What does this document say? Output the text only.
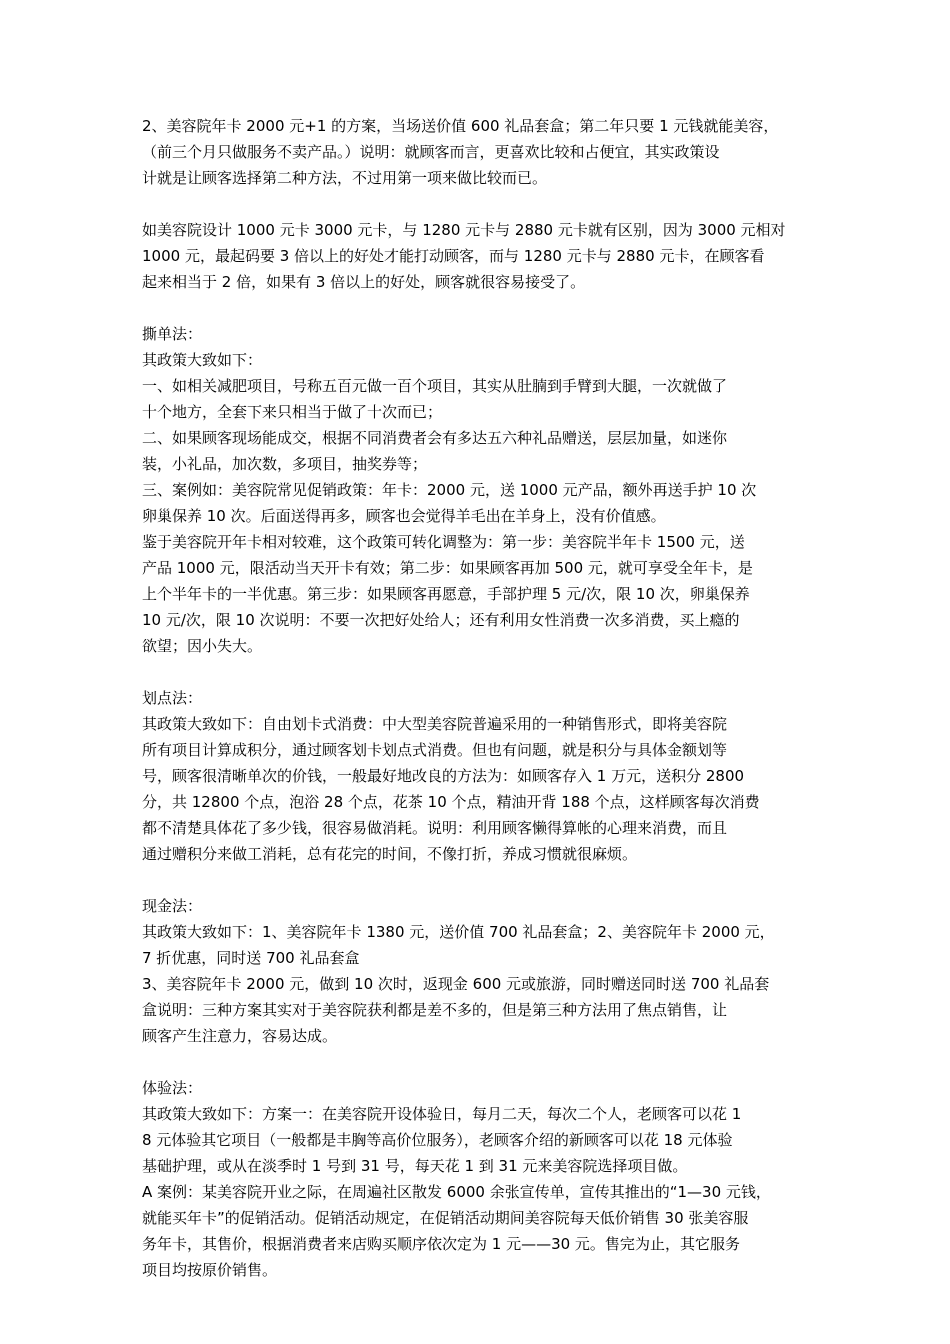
2、美容院年卡 2000 元+1 的方案，当场送价值 600 礼品套盒；第二年只要 1 元钱就能美容，
（前三个月只做服务不卖产品。）说明：就顾客而言，更喜欢比较和占便宜，其实政策设
计就是让顾客选择第二种方法，不过用第一项来做比较而已。
如美容院设计 1000 元卡 3000 元卡，与 1280 元卡与 2880 元卡就有区别，因为 3000 元相对
1000 元，最起码要 3 倍以上的好处才能打动顾客，而与 1280 元卡与 2880 元卡，在顾客看
起来相当于 2 倍，如果有 3 倍以上的好处，顾客就很容易接受了。
撕单法：
其政策大致如下：
一、如相关减肥项目，号称五百元做一百个项目，其实从肚腩到手臂到大腿，一次就做了
十个地方，全套下来只相当于做了十次而已；
二、如果顾客现场能成交，根据不同消费者会有多达五六种礼品赠送，层层加量，如迷你
装，小礼品，加次数，多项目，抽奖券等；
三、案例如：美容院常见促销政策：年卡：2000 元，送 1000 元产品，额外再送手护 10 次
卵巢保养 10 次。后面送得再多，顾客也会觉得羊毛出在羊身上，没有价值感。
鉴于美容院开年卡相对较难，这个政策可转化调整为：第一步：美容院半年卡 1500 元，送
产品 1000 元，限活动当天开卡有效；第二步：如果顾客再加 500 元，就可享受全年卡，是
上个半年卡的一半优惠。第三步：如果顾客再愿意，手部护理 5 元/次，限 10 次，卵巢保养
10 元/次，限 10 次说明：不要一次把好处给人；还有利用女性消费一次多消费，买上瘾的
欲望；因小失大。
划点法：
其政策大致如下：自由划卡式消费：中大型美容院普遍采用的一种销售形式，即将美容院
所有项目计算成积分，通过顾客划卡划点式消费。但也有问题，就是积分与具体金额划等
号，顾客很清晰单次的价钱，一般最好地改良的方法为：如顾客存入 1 万元，送积分 2800
分，共 12800 个点，泡浴 28 个点，花茶 10 个点，精油开背 188 个点，这样顾客每次消费
都不清楚具体花了多少钱，很容易做消耗。说明：利用顾客懒得算帐的心理来消费，而且
通过赠积分来做工消耗，总有花完的时间，不像打折，养成习惯就很麻烦。
现金法：
其政策大致如下：1、美容院年卡 1380 元，送价值 700 礼品套盒；2、美容院年卡 2000 元，
7 折优惠，同时送 700 礼品套盒
3、美容院年卡 2000 元，做到 10 次时，返现金 600 元或旅游，同时赠送同时送 700 礼品套
盒说明：三种方案其实对于美容院获利都是差不多的，但是第三种方法用了焦点销售，让
顾客产生注意力，容易达成。
体验法：
其政策大致如下：方案一：在美容院开设体验日，每月二天，每次二个人，老顾客可以花 1
8 元体验其它项目（一般都是丰胸等高价位服务），老顾客介绍的新顾客可以花 18 元体验
基础护理，或从在淡季时 1 号到 31 号，每天花 1 到 31 元来美容院选择项目做。
A 案例：某美容院开业之际，在周遍社区散发 6000 余张宣传单，宣传其推出的“1—30 元钱，
就能买年卡”的促销活动。促销活动规定，在促销活动期间美容院每天低价销售 30 张美容服
务年卡，其售价，根据消费者来店购买顺序依次定为 1 元——30 元。售完为止，其它服务
项目均按原价销售。
